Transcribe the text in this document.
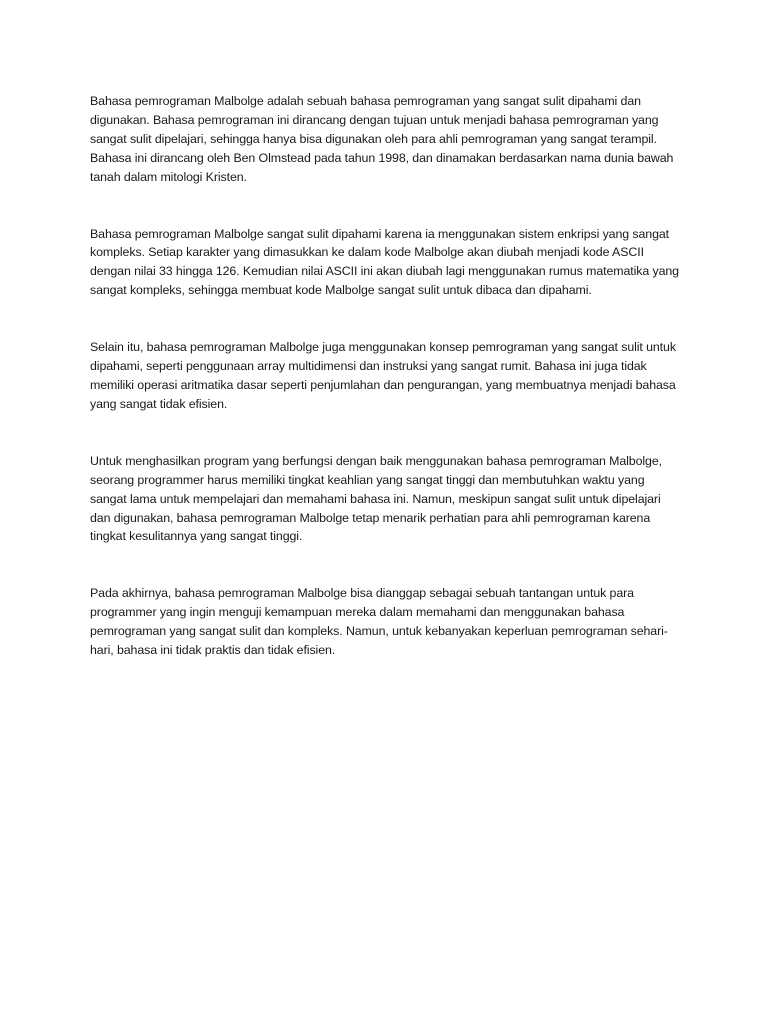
Bahasa pemrograman Malbolge adalah sebuah bahasa pemrograman yang sangat sulit dipahami dan digunakan. Bahasa pemrograman ini dirancang dengan tujuan untuk menjadi bahasa pemrograman yang sangat sulit dipelajari, sehingga hanya bisa digunakan oleh para ahli pemrograman yang sangat terampil. Bahasa ini dirancang oleh Ben Olmstead pada tahun 1998, dan dinamakan berdasarkan nama dunia bawah tanah dalam mitologi Kristen.

Bahasa pemrograman Malbolge sangat sulit dipahami karena ia menggunakan sistem enkripsi yang sangat kompleks. Setiap karakter yang dimasukkan ke dalam kode Malbolge akan diubah menjadi kode ASCII dengan nilai 33 hingga 126. Kemudian nilai ASCII ini akan diubah lagi menggunakan rumus matematika yang sangat kompleks, sehingga membuat kode Malbolge sangat sulit untuk dibaca dan dipahami.

Selain itu, bahasa pemrograman Malbolge juga menggunakan konsep pemrograman yang sangat sulit untuk dipahami, seperti penggunaan array multidimensi dan instruksi yang sangat rumit. Bahasa ini juga tidak memiliki operasi aritmatika dasar seperti penjumlahan dan pengurangan, yang membuatnya menjadi bahasa yang sangat tidak efisien.

Untuk menghasilkan program yang berfungsi dengan baik menggunakan bahasa pemrograman Malbolge, seorang programmer harus memiliki tingkat keahlian yang sangat tinggi dan membutuhkan waktu yang sangat lama untuk mempelajari dan memahami bahasa ini. Namun, meskipun sangat sulit untuk dipelajari dan digunakan, bahasa pemrograman Malbolge tetap menarik perhatian para ahli pemrograman karena tingkat kesulitannya yang sangat tinggi.

Pada akhirnya, bahasa pemrograman Malbolge bisa dianggap sebagai sebuah tantangan untuk para programmer yang ingin menguji kemampuan mereka dalam memahami dan menggunakan bahasa pemrograman yang sangat sulit dan kompleks. Namun, untuk kebanyakan keperluan pemrograman sehari-hari, bahasa ini tidak praktis dan tidak efisien.
